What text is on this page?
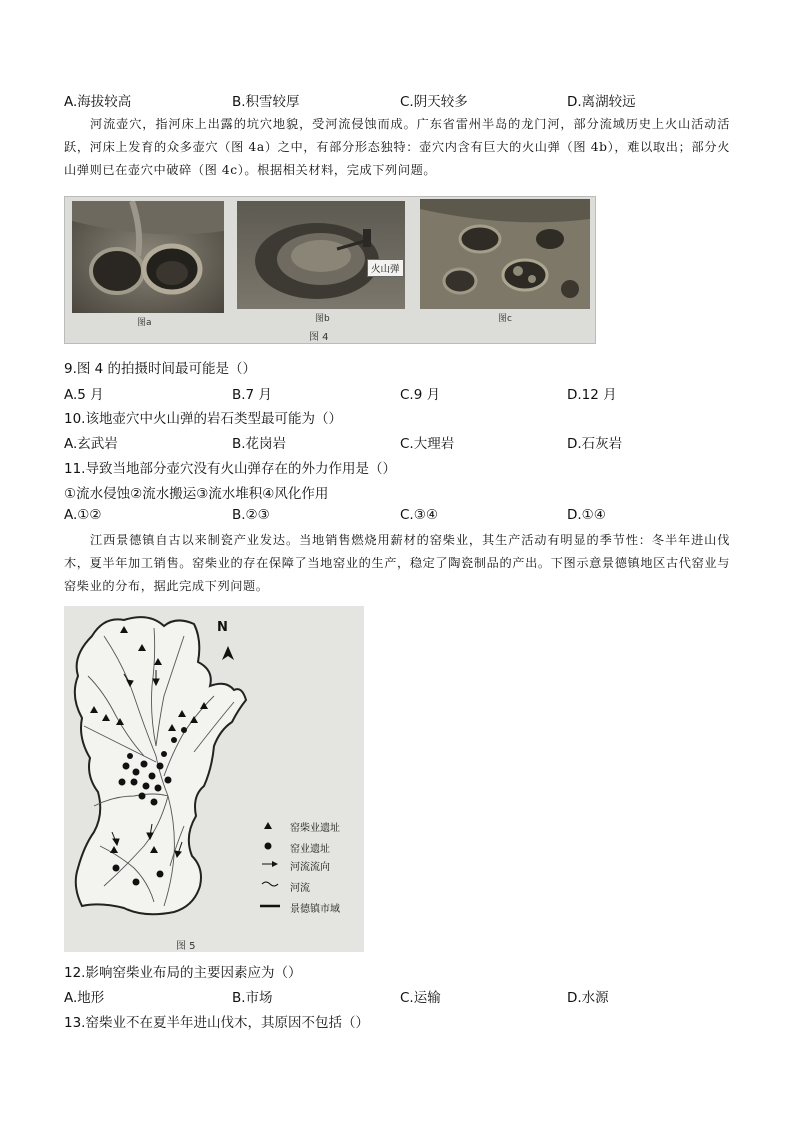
A.海拔较高	B.积雪较厚	C.阴天较多	D.离湖较远
河流壶穴，指河床上出露的坑穴地貌，受河流侵蚀而成。广东省雷州半岛的龙门河，部分流域历史上火山活动活跃，河床上发育的众多壶穴（图 4a）之中，有部分形态独特：壶穴内含有巨大的火山弹（图 4b），难以取出；部分火山弹则已在壶穴中破碎（图 4c）。根据相关材料，完成下列问题。
图a
火山弹
图b	图c
图 4
9.图 4 的拍摄时间最可能是（）
A.5 月	B.7 月	C.9 月	D.12 月
10.该地壶穴中火山弹的岩石类型最可能为（）
A.玄武岩	B.花岗岩	C.大理岩	D.石灰岩
11.导致当地部分壶穴没有火山弹存在的外力作用是（）
①流水侵蚀②流水搬运③流水堆积④风化作用
A.①②	B.②③	C.③④	D.①④
江西景德镇自古以来制瓷产业发达。当地销售燃烧用薪材的窑柴业，其生产活动有明显的季节性：冬半年进山伐木，夏半年加工销售。窑柴业的存在保障了当地窑业的生产，稳定了陶瓷制品的产出。下图示意景德镇地区古代窑业与窑柴业的分布，据此完成下列问题。
N
窑柴业遗址
窑业遗址
河流流向
河流
景德镇市域
图 5
12.影响窑柴业布局的主要因素应为（）
A.地形	B.市场	C.运输	D.水源
13.窑柴业不在夏半年进山伐木，其原因不包括（）
